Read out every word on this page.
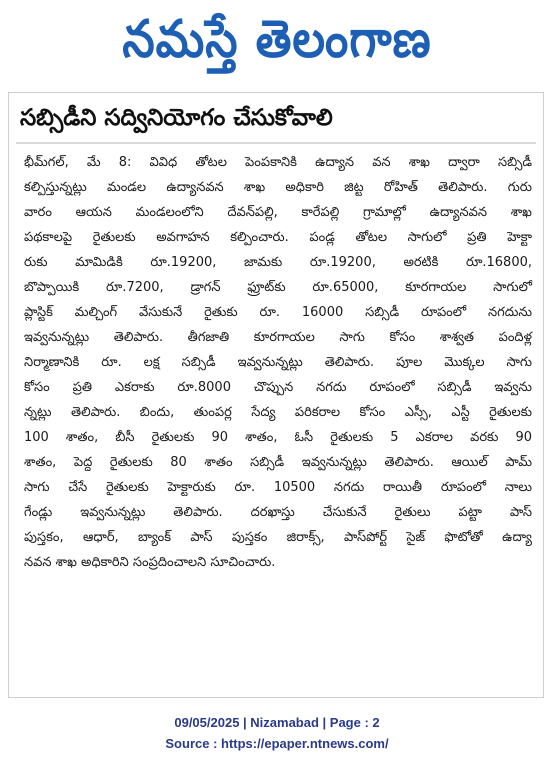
నమస్తే తెలంగాణ
సబ్సిడీని సద్వినియోగం చేసుకోవాలి
భీమ్‌గల్, మే 8: వివిధ తోటల పెంపకానికి ఉద్యాన వన శాఖ ద్వారా సబ్సిడీ
కల్పిస్తున్నట్లు మండల ఉద్యానవన శాఖ అధికారి జిట్ట రోహిత్ తెలిపారు. గురు
వారం ఆయన మండలంలోని దేవన్‌పల్లి, కారేపల్లి గ్రామాల్లో ఉద్యానవన శాఖ
పథకాలపై రైతులకు అవగాహన కల్పించారు. పండ్ల తోటల సాగులో ప్రతి హెక్టా
రుకు మామిడికి రూ.19200, జామకు రూ.19200, అరటికి రూ.16800,
బొప్పాయికి రూ.7200, డ్రాగన్ ఫ్రూట్‌కు రూ.65000, కూరగాయల సాగులో
ప్లాస్టిక్ మల్చింగ్ వేసుకునే రైతుకు రూ. 16000 సబ్సిడీ రూపంలో నగదును
ఇవ్వనున్నట్లు తెలిపారు. తీగజాతి కూరగాయల సాగు కోసం శాశ్వత పందిళ్ల
నిర్మాణానికి రూ. లక్ష సబ్సిడీ ఇవ్వనున్నట్లు తెలిపారు. పూల మొక్కల సాగు
కోసం ప్రతి ఎకరాకు రూ.8000 చొప్పున నగదు రూపంలో సబ్సిడీ ఇవ్వను
న్నట్లు తెలిపారు. బిందు, తుంపర్ల సేద్య పరికరాల కోసం ఎస్సీ, ఎస్టీ రైతులకు
100 శాతం, బీసీ రైతులకు 90 శాతం, ఓసీ రైతులకు 5 ఎకరాల వరకు 90
శాతం, పెద్ద రైతులకు 80 శాతం సబ్సిడీ ఇవ్వనున్నట్లు తెలిపారు. ఆయిల్ పామ్
సాగు చేసే రైతులకు హెక్టారుకు రూ. 10500 నగదు రాయితీ రూపంలో నాలు
గేండ్లు ఇవ్వనున్నట్లు తెలిపారు. దరఖాస్తు చేసుకునే రైతులు పట్టా పాస్
పుస్తకం, ఆధార్, బ్యాంక్ పాస్ పుస్తకం జిరాక్స్, పాస్‌పోర్ట్ సైజ్ ఫొటోతో ఉద్యా
నవన శాఖ అధికారిని సంప్రదించాలని సూచించారు.
09/05/2025 | Nizamabad | Page : 2
Source : https://epaper.ntnews.com/
